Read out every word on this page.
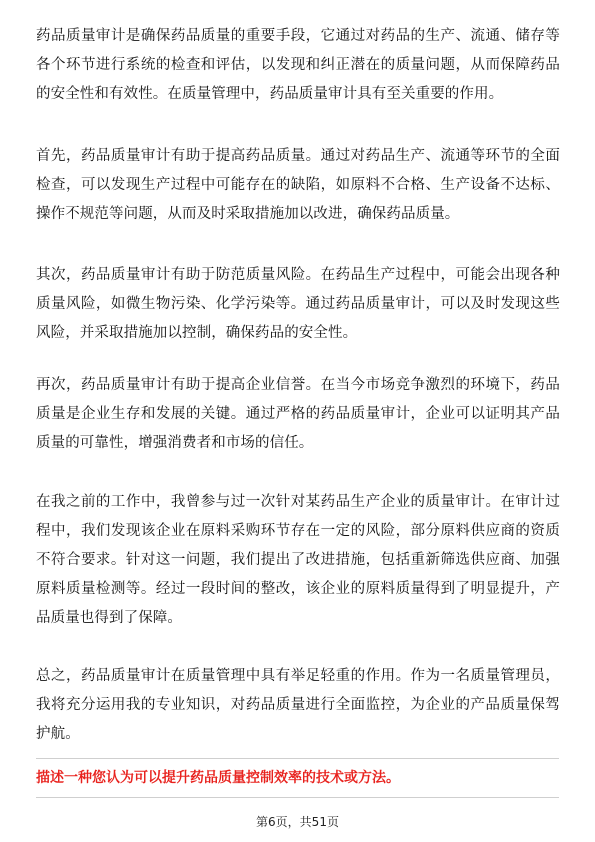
药品质量审计是确保药品质量的重要手段，它通过对药品的生产、流通、储存等各个环节进行系统的检查和评估，以发现和纠正潜在的质量问题，从而保障药品的安全性和有效性。在质量管理中，药品质量审计具有至关重要的作用。

首先，药品质量审计有助于提高药品质量。通过对药品生产、流通等环节的全面检查，可以发现生产过程中可能存在的缺陷，如原料不合格、生产设备不达标、操作不规范等问题，从而及时采取措施加以改进，确保药品质量。

其次，药品质量审计有助于防范质量风险。在药品生产过程中，可能会出现各种质量风险，如微生物污染、化学污染等。通过药品质量审计，可以及时发现这些风险，并采取措施加以控制，确保药品的安全性。

再次，药品质量审计有助于提高企业信誉。在当今市场竞争激烈的环境下，药品质量是企业生存和发展的关键。通过严格的药品质量审计，企业可以证明其产品质量的可靠性，增强消费者和市场的信任。

在我之前的工作中，我曾参与过一次针对某药品生产企业的质量审计。在审计过程中，我们发现该企业在原料采购环节存在一定的风险，部分原料供应商的资质不符合要求。针对这一问题，我们提出了改进措施，包括重新筛选供应商、加强原料质量检测等。经过一段时间的整改，该企业的原料质量得到了明显提升，产品质量也得到了保障。

总之，药品质量审计在质量管理中具有举足轻重的作用。作为一名质量管理员，我将充分运用我的专业知识，对药品质量进行全面监控，为企业的产品质量保驾护航。

描述一种您认为可以提升药品质量控制效率的技术或方法。

第6页，共51页
